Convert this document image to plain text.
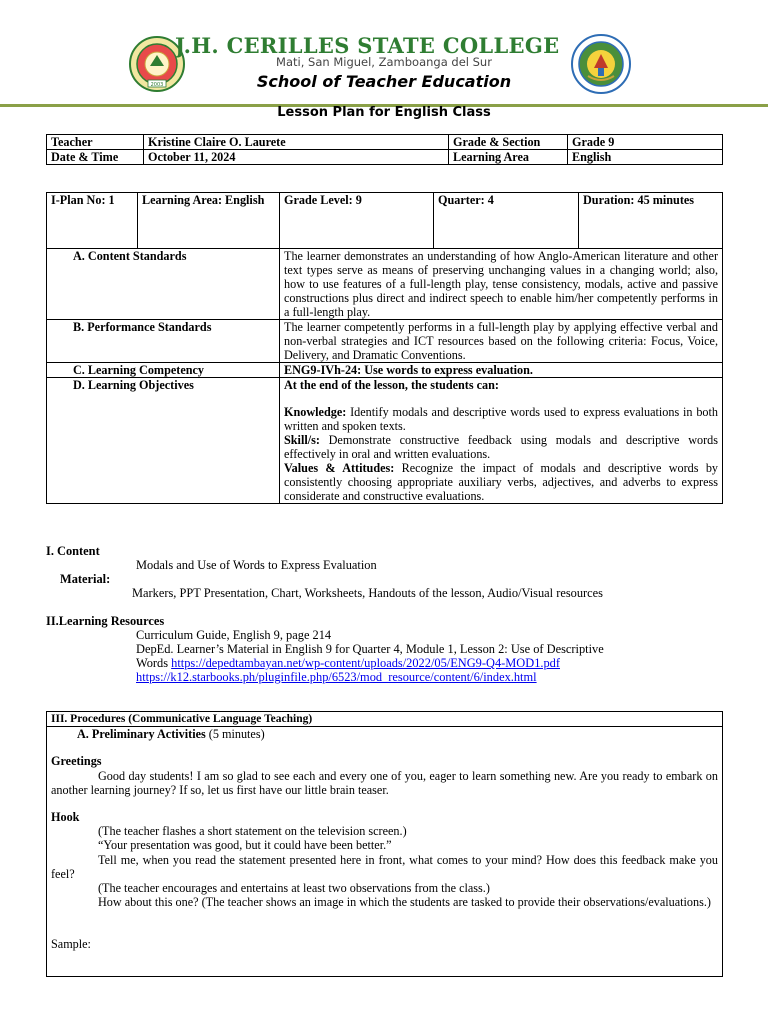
2003
J.H. CERILLES STATE COLLEGE
Mati, San Miguel, Zamboanga del Sur
School of Teacher Education
Lesson Plan for English Class
Teacher	Kristine Claire O. Laurete	Grade & Section	Grade 9
Date & Time	October 11, 2024	Learning Area	English
I-Plan No: 1	Learning Area: English	Grade Level: 9	Quarter: 4	Duration: 45 minutes
A. Content Standards		The learner demonstrates an understanding of how Anglo-American literature and other text types serve as means of preserving unchanging values in a changing world; also, how to use features of a full-length play, tense consistency, modals, active and passive constructions plus direct and indirect speech to enable him/her competently performs in a full-length play.		
B. Performance Standards		The learner competently performs in a full-length play by applying effective verbal and non-verbal strategies and ICT resources based on the following criteria: Focus, Voice, Delivery, and Dramatic Conventions.		
C. Learning Competency		ENG9-IVh-24: Use words to express evaluation.		
D. Learning Objectives		At the end of the lesson, the students can:
Knowledge: Identify modals and descriptive words used to express evaluations in both written and spoken texts.
Skill/s: Demonstrate constructive feedback using modals and descriptive words effectively in oral and written evaluations.
Values & Attitudes: Recognize the impact of modals and descriptive words by consistently choosing appropriate auxiliary verbs, adjectives, and adverbs to express considerate and constructive evaluations.		
I. Content
Modals and Use of Words to Express Evaluation
Material:
Markers, PPT Presentation, Chart, Worksheets, Handouts of the lesson, Audio/Visual resources
II.Learning Resources
Curriculum Guide, English 9, page 214
DepEd. Learner’s Material in English 9 for Quarter 4, Module 1, Lesson 2: Use of Descriptive
Words https://depedtambayan.net/wp-content/uploads/2022/05/ENG9-Q4-MOD1.pdf
https://k12.starbooks.ph/pluginfile.php/6523/mod_resource/content/6/index.html
III. Procedures (Communicative Language Teaching)

A. Preliminary Activities (5 minutes)
Greetings
Good day students! I am so glad to see each and every one of you, eager to learn something new. Are you ready to embark on another learning journey? If so, let us first have our little brain teaser.
Hook
(The teacher flashes a short statement on the television screen.)
“Your presentation was good, but it could have been better.”
Tell me, when you read the statement presented here in front, what comes to your mind? How does this feedback make you feel?
(The teacher encourages and entertains at least two observations from the class.)
How about this one? (The teacher shows an image in which the students are tasked to provide their observations/evaluations.)
Sample:
